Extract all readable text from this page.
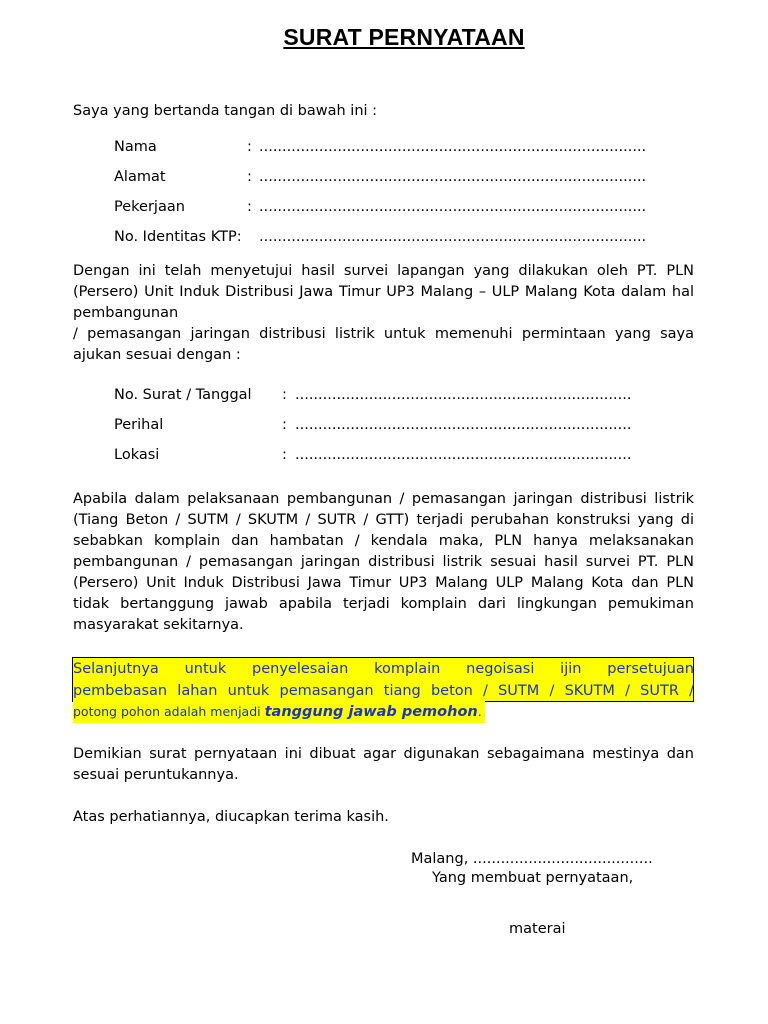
SURAT PERNYATAAN
Saya yang bertanda tangan di bawah ini :
Nama	: ....................................................................................
Alamat	: ....................................................................................
Pekerjaan	: ....................................................................................
No. Identitas KTP: ....................................................................................
Dengan ini telah menyetujui hasil survei lapangan yang dilakukan oleh PT. PLN (Persero) Unit Induk Distribusi Jawa Timur UP3 Malang – ULP Malang Kota dalam hal pembangunan
/ pemasangan jaringan distribusi listrik untuk memenuhi permintaan yang saya ajukan sesuai dengan :
No. Surat / Tanggal : .........................................................................
Perihal	: .........................................................................
Lokasi	: .........................................................................
Apabila dalam pelaksanaan pembangunan / pemasangan jaringan distribusi listrik (Tiang Beton / SUTM / SKUTM / SUTR / GTT) terjadi perubahan konstruksi yang di sebabkan komplain dan hambatan / kendala maka, PLN hanya melaksanakan pembangunan / pemasangan jaringan distribusi listrik sesuai hasil survei PT. PLN (Persero) Unit Induk Distribusi Jawa Timur UP3 Malang ULP Malang Kota dan PLN tidak bertanggung jawab apabila terjadi komplain dari lingkungan pemukiman masyarakat sekitarnya.
Selanjutnya untuk penyelesaian komplain negoisasi ijin persetujuan
pembebasan lahan untuk pemasangan tiang beton / SUTM / SKUTM / SUTR /
potong pohon adalah menjadi tanggung jawab pemohon.
Demikian surat pernyataan ini dibuat agar digunakan sebagaimana mestinya dan sesuai peruntukannya.
Atas perhatiannya, diucapkan terima kasih.
Malang, .......................................
Yang membuat pernyataan,
materai
